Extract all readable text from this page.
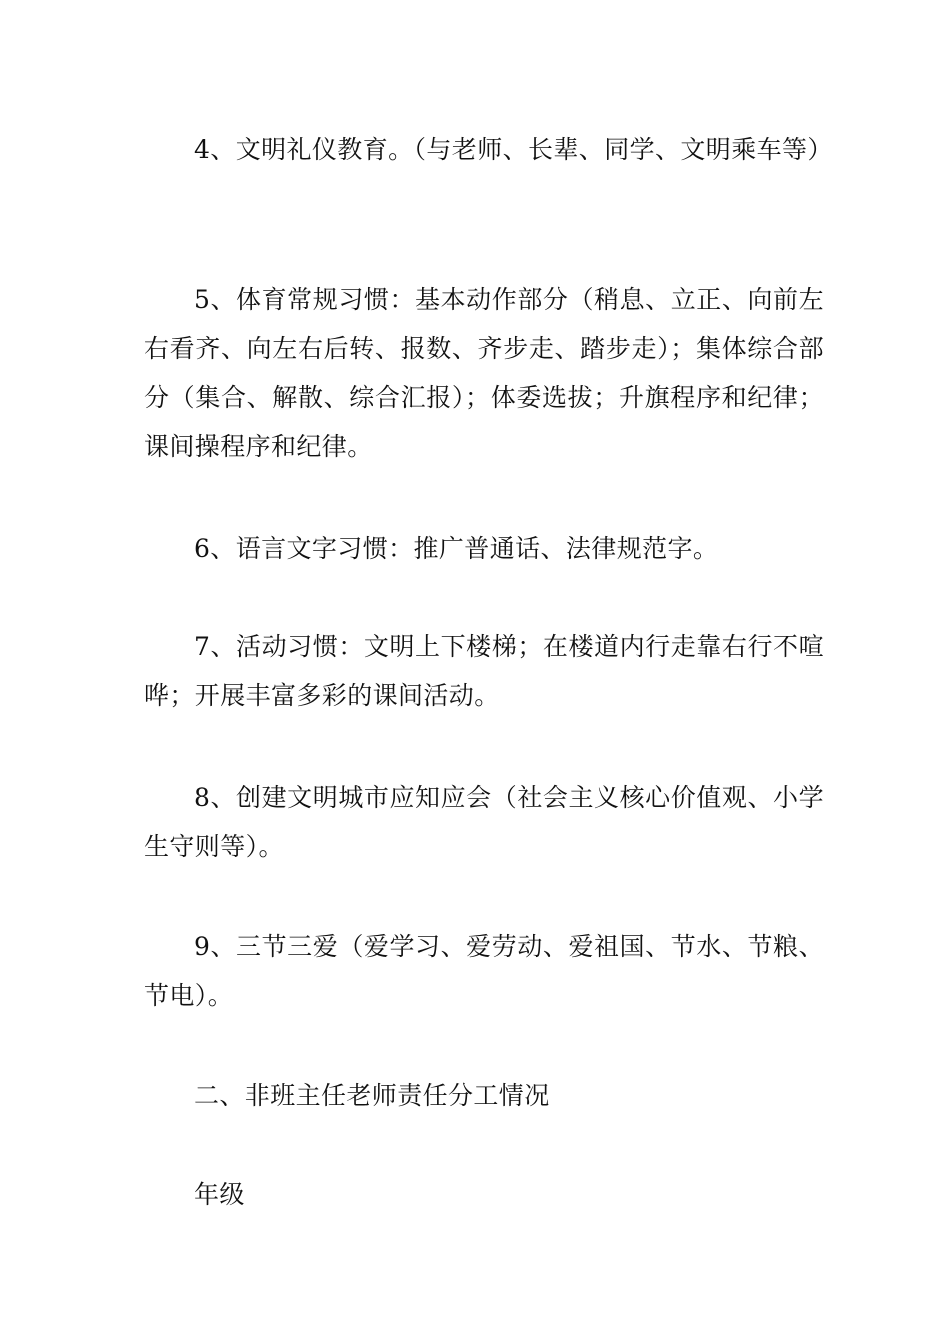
4、文明礼仪教育。（与老师、长辈、同学、文明乘车等）

5、体育常规习惯：基本动作部分（稍息、立正、向前左右看齐、向左右后转、报数、齐步走、踏步走）；集体综合部分（集合、解散、综合汇报）；体委选拔；升旗程序和纪律；课间操程序和纪律。

6、语言文字习惯：推广普通话、法律规范字。

7、活动习惯：文明上下楼梯；在楼道内行走靠右行不喧哗；开展丰富多彩的课间活动。

8、创建文明城市应知应会（社会主义核心价值观、小学生守则等）。

9、三节三爱（爱学习、爱劳动、爱祖国、节水、节粮、节电）。

二、非班主任老师责任分工情况

年级
